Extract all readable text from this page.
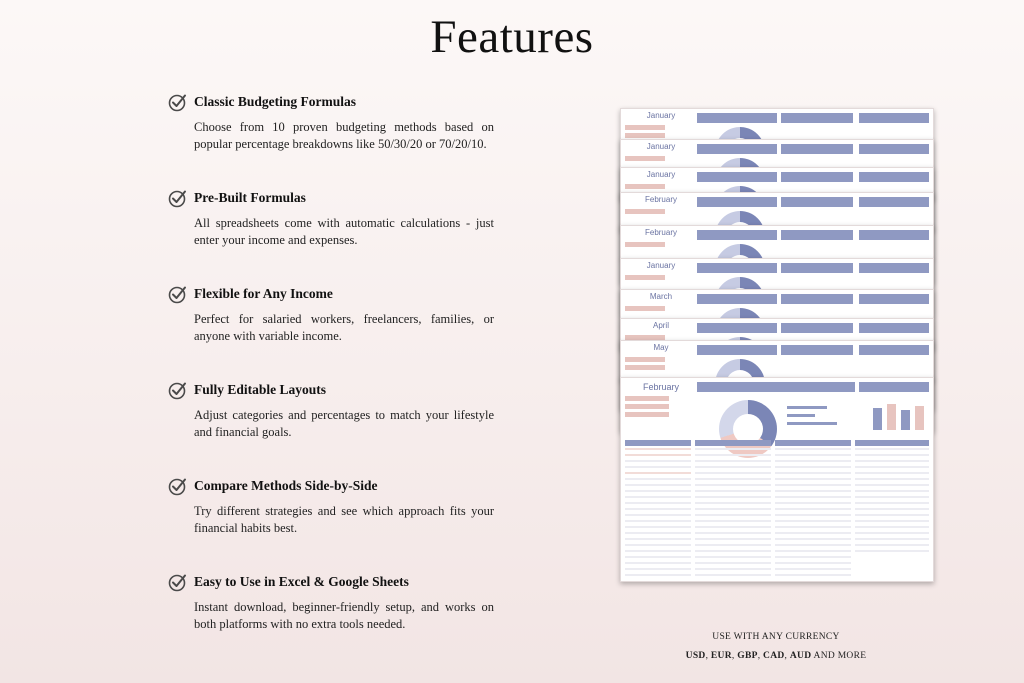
Features
Classic Budgeting Formulas
Choose from 10 proven budgeting methods based on popular percentage breakdowns like 50/30/20 or 70/20/10.
Pre-Built Formulas
All spreadsheets come with automatic calculations - just enter your income and expenses.
Flexible for Any Income
Perfect for salaried workers, freelancers, families, or anyone with variable income.
Fully Editable Layouts
Adjust categories and percentages to match your lifestyle and financial goals.
Compare Methods Side-by-Side
Try different strategies and see which approach fits your financial habits best.
Easy to Use in Excel & Google Sheets
Instant download, beginner-friendly setup, and works on both platforms with no extra tools needed.
January
January
January
February
February
January
March
April
May
February
USE WITH ANY CURRENCY
USD, EUR, GBP, CAD, AUD AND MORE
